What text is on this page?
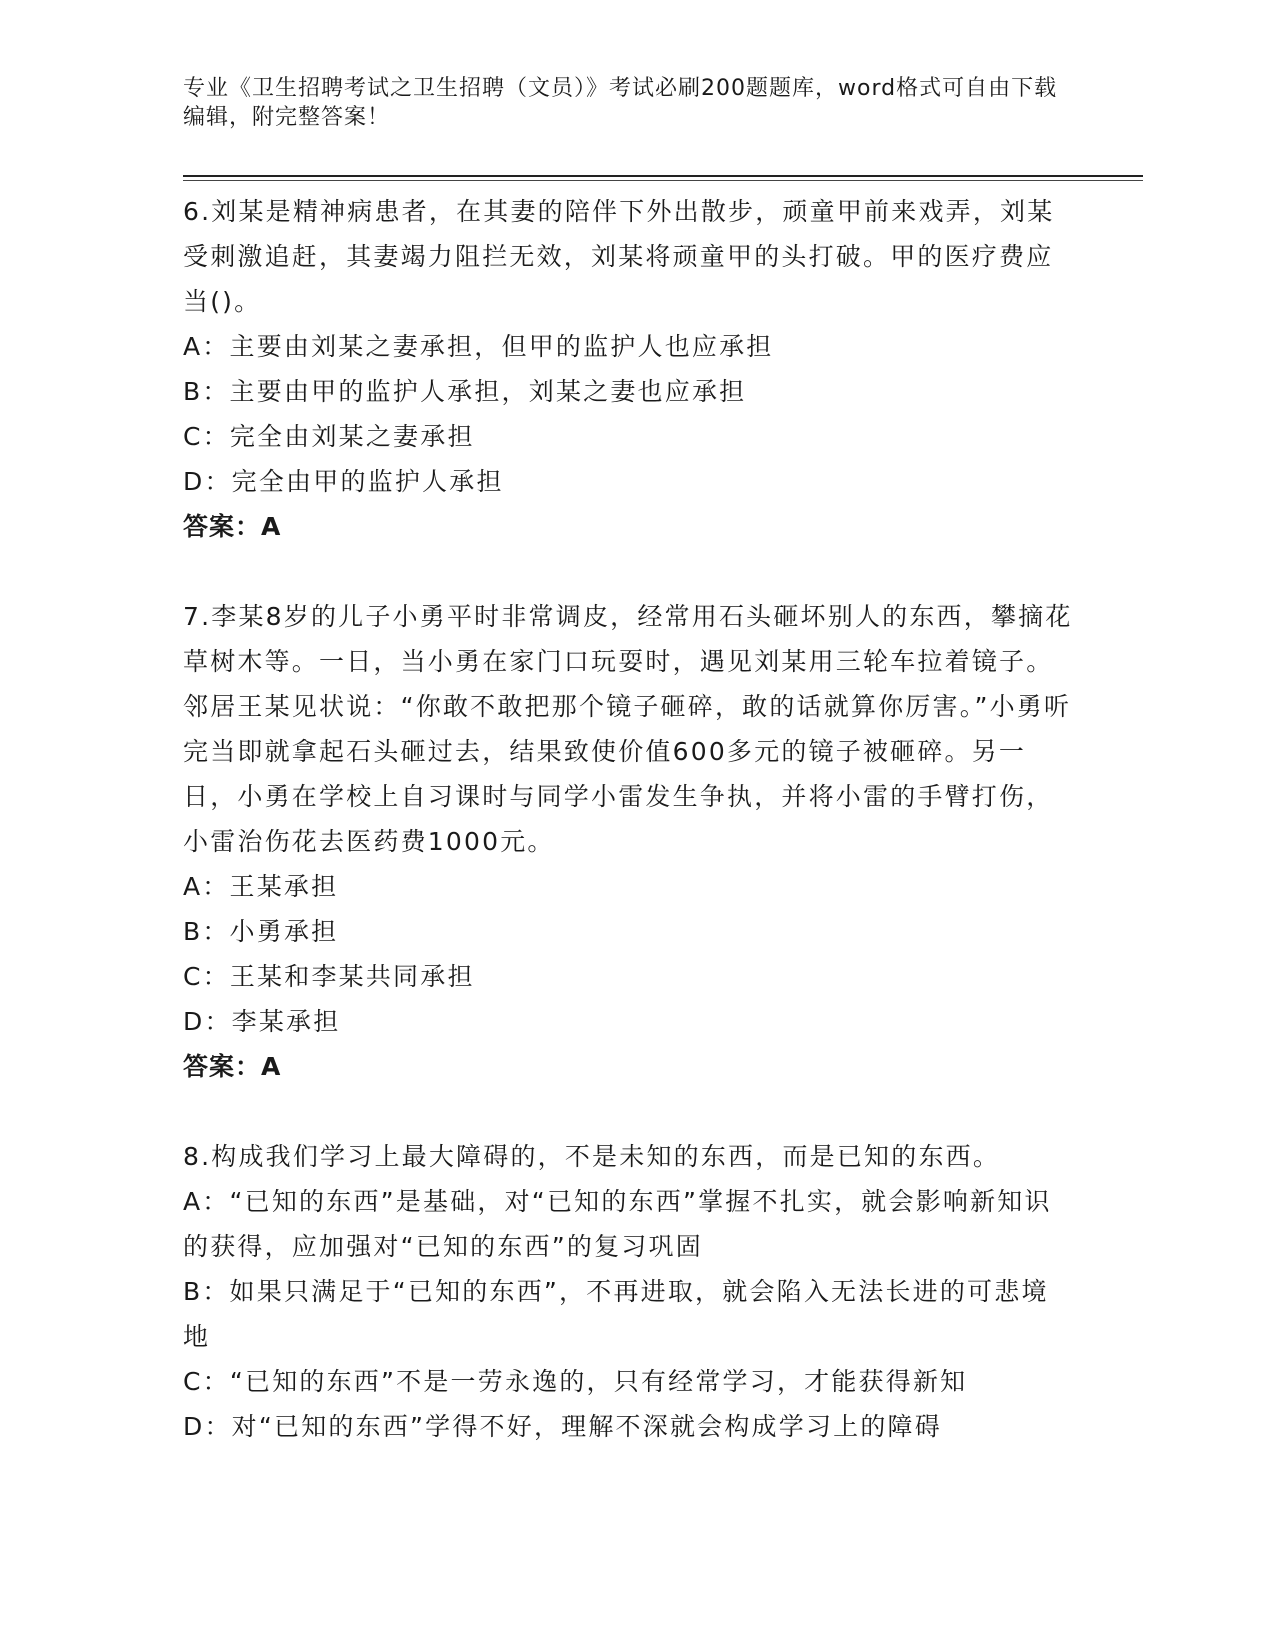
专业《卫生招聘考试之卫生招聘（文员）》考试必刷200题题库，word格式可自由下载编辑，附完整答案！

6.刘某是精神病患者，在其妻的陪伴下外出散步，顽童甲前来戏弄，刘某受刺激追赶，其妻竭力阻拦无效，刘某将顽童甲的头打破。甲的医疗费应当()。

A：主要由刘某之妻承担，但甲的监护人也应承担

B：主要由甲的监护人承担，刘某之妻也应承担

C：完全由刘某之妻承担

D：完全由甲的监护人承担

答案：A

7.李某8岁的儿子小勇平时非常调皮，经常用石头砸坏别人的东西，攀摘花草树木等。一日，当小勇在家门口玩耍时，遇见刘某用三轮车拉着镜子。邻居王某见状说：“你敢不敢把那个镜子砸碎，敢的话就算你厉害。”小勇听完当即就拿起石头砸过去，结果致使价值600多元的镜子被砸碎。另一日，小勇在学校上自习课时与同学小雷发生争执，并将小雷的手臂打伤，小雷治伤花去医药费1000元。

A：王某承担

B：小勇承担

C：王某和李某共同承担

D：李某承担

答案：A

8.构成我们学习上最大障碍的，不是未知的东西，而是已知的东西。

A：“已知的东西”是基础，对“已知的东西”掌握不扎实，就会影响新知识的获得，应加强对“已知的东西”的复习巩固

B：如果只满足于“已知的东西”，不再进取，就会陷入无法长进的可悲境地

C：“已知的东西”不是一劳永逸的，只有经常学习，才能获得新知

D：对“已知的东西”学得不好，理解不深就会构成学习上的障碍
